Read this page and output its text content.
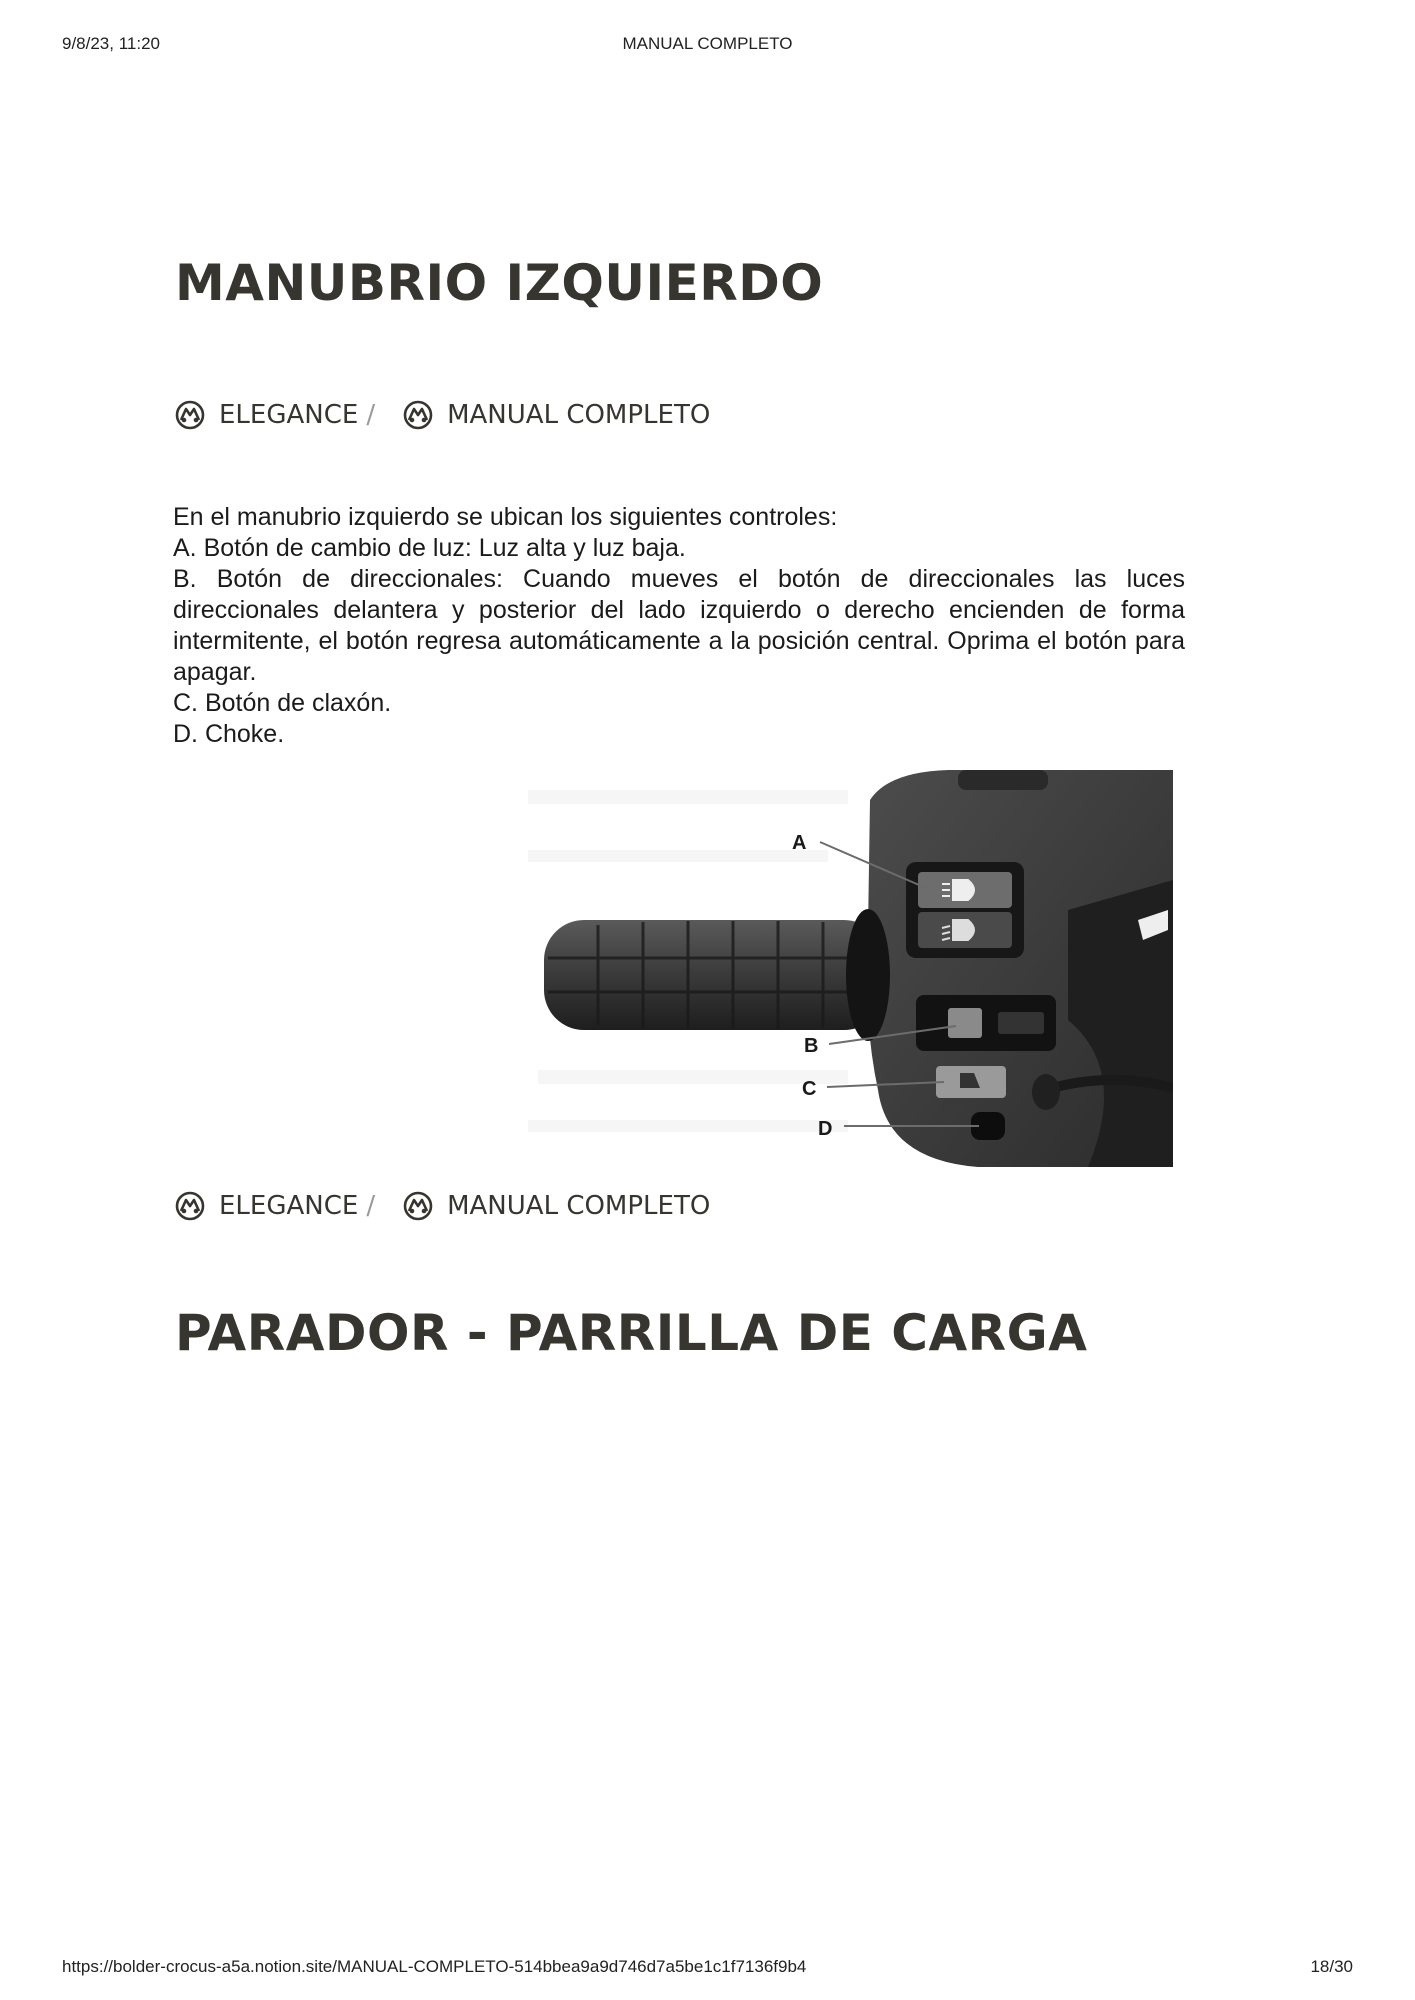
9/8/23, 11:20	MANUAL COMPLETO
MANUBRIO IZQUIERDO
ELEGANCE /	MANUAL COMPLETO

En el manubrio izquierdo se ubican los siguientes controles:

A. Botón de cambio de luz: Luz alta y luz baja.

B. Botón de direccionales: Cuando mueves el botón de direccionales las luces direccionales delantera y posterior del lado izquierdo o derecho encienden de forma intermitente, el botón regresa automáticamente a la posición central. Oprima el botón para apagar.

C. Botón de claxón.

D. Choke.

A
B
C
D
ELEGANCE /	MANUAL COMPLETO
PARADOR - PARRILLA DE CARGA
https://bolder-crocus-a5a.notion.site/MANUAL-COMPLETO-514bbea9a9d746d7a5be1c1f7136f9b4	18/30
